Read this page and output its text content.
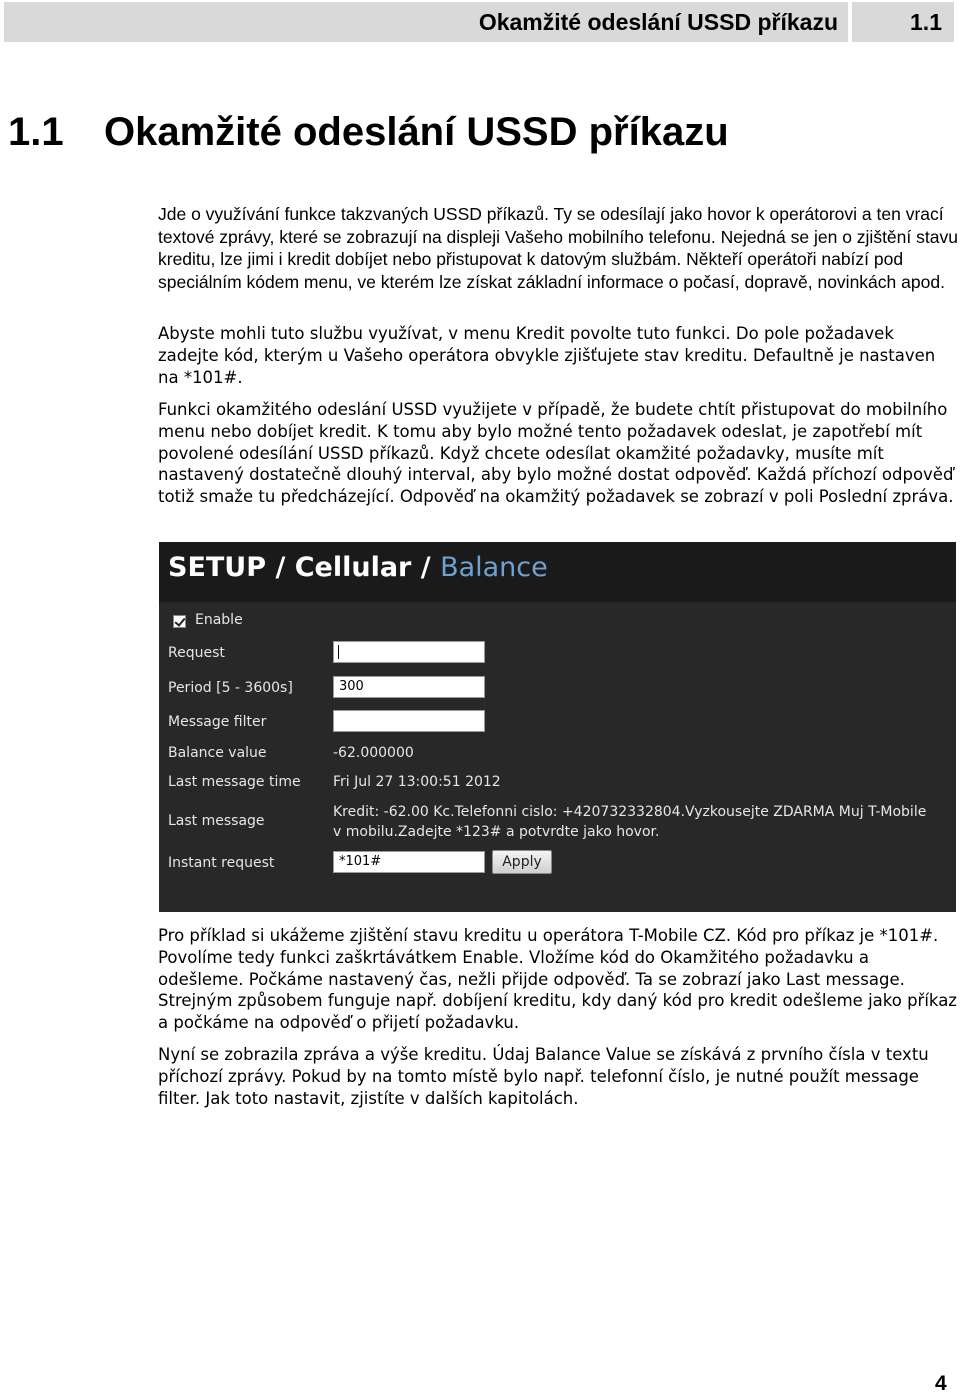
Okamžité odeslání USSD příkazu	1.1
1.1 Okamžité odeslání USSD příkazu

Jde o využívání funkce takzvaných USSD příkazů. Ty se odesílají jako hovor k operátorovi a ten vrací textové zprávy, které se zobrazují na displeji Vašeho mobilního telefonu. Nejedná se jen o zjištění stavu kreditu, lze jimi i kredit dobíjet nebo přistupovat k datovým službám. Někteří operátoři nabízí pod speciálním kódem menu, ve kterém lze získat základní informace o počasí, dopravě, novinkách apod.

Abyste mohli tuto službu využívat, v menu Kredit povolte tuto funkci. Do pole požadavek zadejte kód, kterým u Vašeho operátora obvykle zjišťujete stav kreditu. Defaultně je nastaven na *101#.

Funkci okamžitého odeslání USSD využijete v případě, že budete chtít přistupovat do mobilního menu nebo dobíjet kredit. K tomu aby bylo možné tento požadavek odeslat, je zapotřebí mít povolené odesílání USSD příkazů. Když chcete odesílat okamžité požadavky, musíte mít nastavený dostatečně dlouhý interval, aby bylo možné dostat odpověď. Každá příchozí odpověď totiž smaže tu předcházející. Odpověď na okamžitý požadavek se zobrazí v poli Poslední zpráva.

SETUP / Cellular / Balance
Enable
Request
Period [5 - 3600s]	300
Message filter
Balance value	-62.000000
Last message time Fri Jul 27 13:00:51 2012
Last message
Kredit: -62.00 Kc.Telefonni cislo: +420732332804.Vyzkousejte ZDARMA Muj T-Mobile v mobilu.Zadejte *123# a potvrdte jako hovor.
Instant request	*101#	Apply

Pro příklad si ukážeme zjištění stavu kreditu u operátora T-Mobile CZ. Kód pro příkaz je *101#. Povolíme tedy funkci zaškrtávátkem Enable. Vložíme kód do Okamžitého požadavku a odešleme. Počkáme nastavený čas, nežli přijde odpověď. Ta se zobrazí jako Last message. Strejným způsobem funguje např. dobíjení kreditu, kdy daný kód pro kredit odešleme jako příkaz a počkáme na odpověď o přijetí požadavku.

Nyní se zobrazila zpráva a výše kreditu. Údaj Balance Value se získává z prvního čísla v textu příchozí zprávy. Pokud by na tomto místě bylo např. telefonní číslo, je nutné použít message filter. Jak toto nastavit, zjistíte v dalších kapitolách.

4
